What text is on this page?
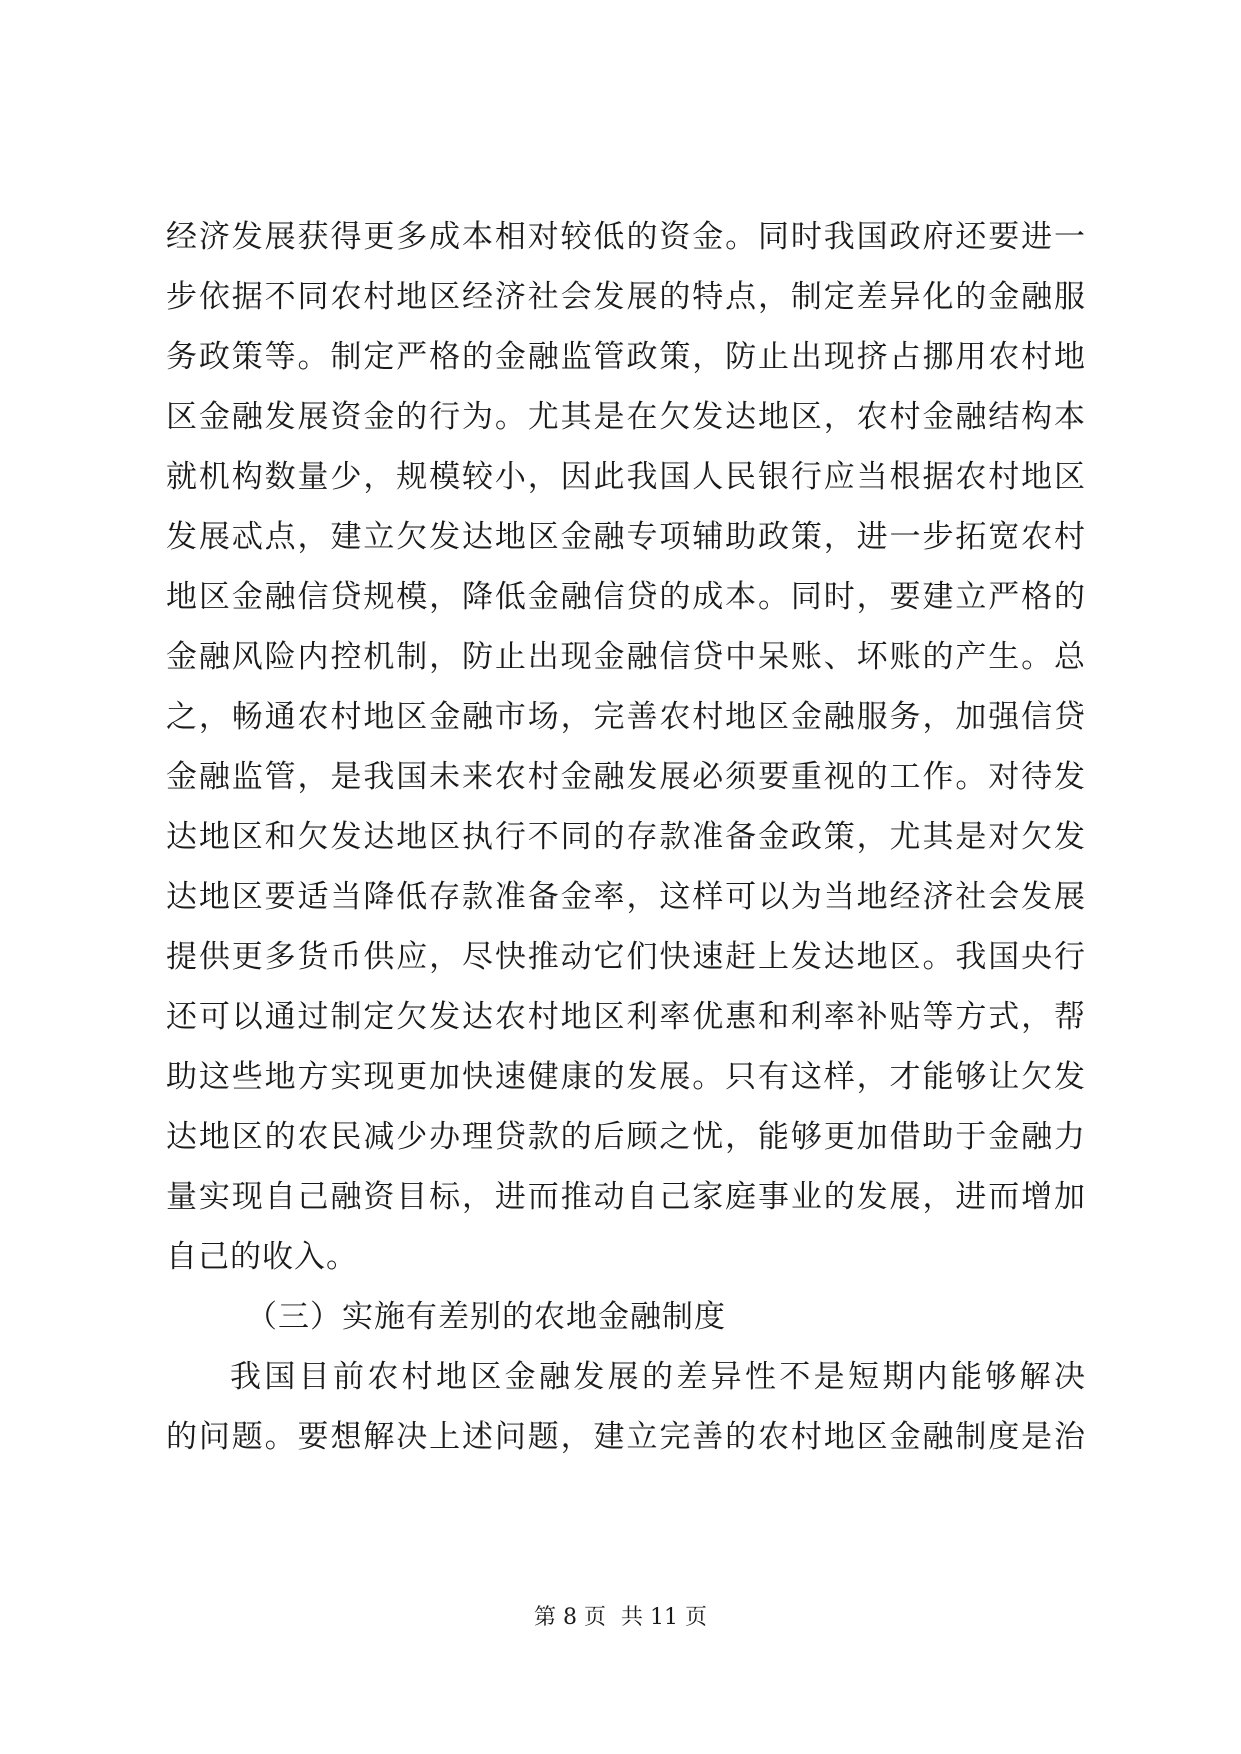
经济发展获得更多成本相对较低的资金。同时我国政府还要进一
步依据不同农村地区经济社会发展的特点，制定差异化的金融服
务政策等。制定严格的金融监管政策，防止出现挤占挪用农村地
区金融发展资金的行为。尤其是在欠发达地区，农村金融结构本
就机构数量少，规模较小，因此我国人民银行应当根据农村地区
发展忒点，建立欠发达地区金融专项辅助政策，进一步拓宽农村
地区金融信贷规模，降低金融信贷的成本。同时，要建立严格的
金融风险内控机制，防止出现金融信贷中呆账、坏账的产生。总
之，畅通农村地区金融市场，完善农村地区金融服务，加强信贷
金融监管，是我国未来农村金融发展必须要重视的工作。对待发
达地区和欠发达地区执行不同的存款准备金政策，尤其是对欠发
达地区要适当降低存款准备金率，这样可以为当地经济社会发展
提供更多货币供应，尽快推动它们快速赶上发达地区。我国央行
还可以通过制定欠发达农村地区利率优惠和利率补贴等方式，帮
助这些地方实现更加快速健康的发展。只有这样，才能够让欠发
达地区的农民减少办理贷款的后顾之忧，能够更加借助于金融力
量实现自己融资目标，进而推动自己家庭事业的发展，进而增加
自己的收入。
（三）实施有差别的农地金融制度
我国目前农村地区金融发展的差异性不是短期内能够解决
的问题。要想解决上述问题，建立完善的农村地区金融制度是治
第 8 页 共 11 页
